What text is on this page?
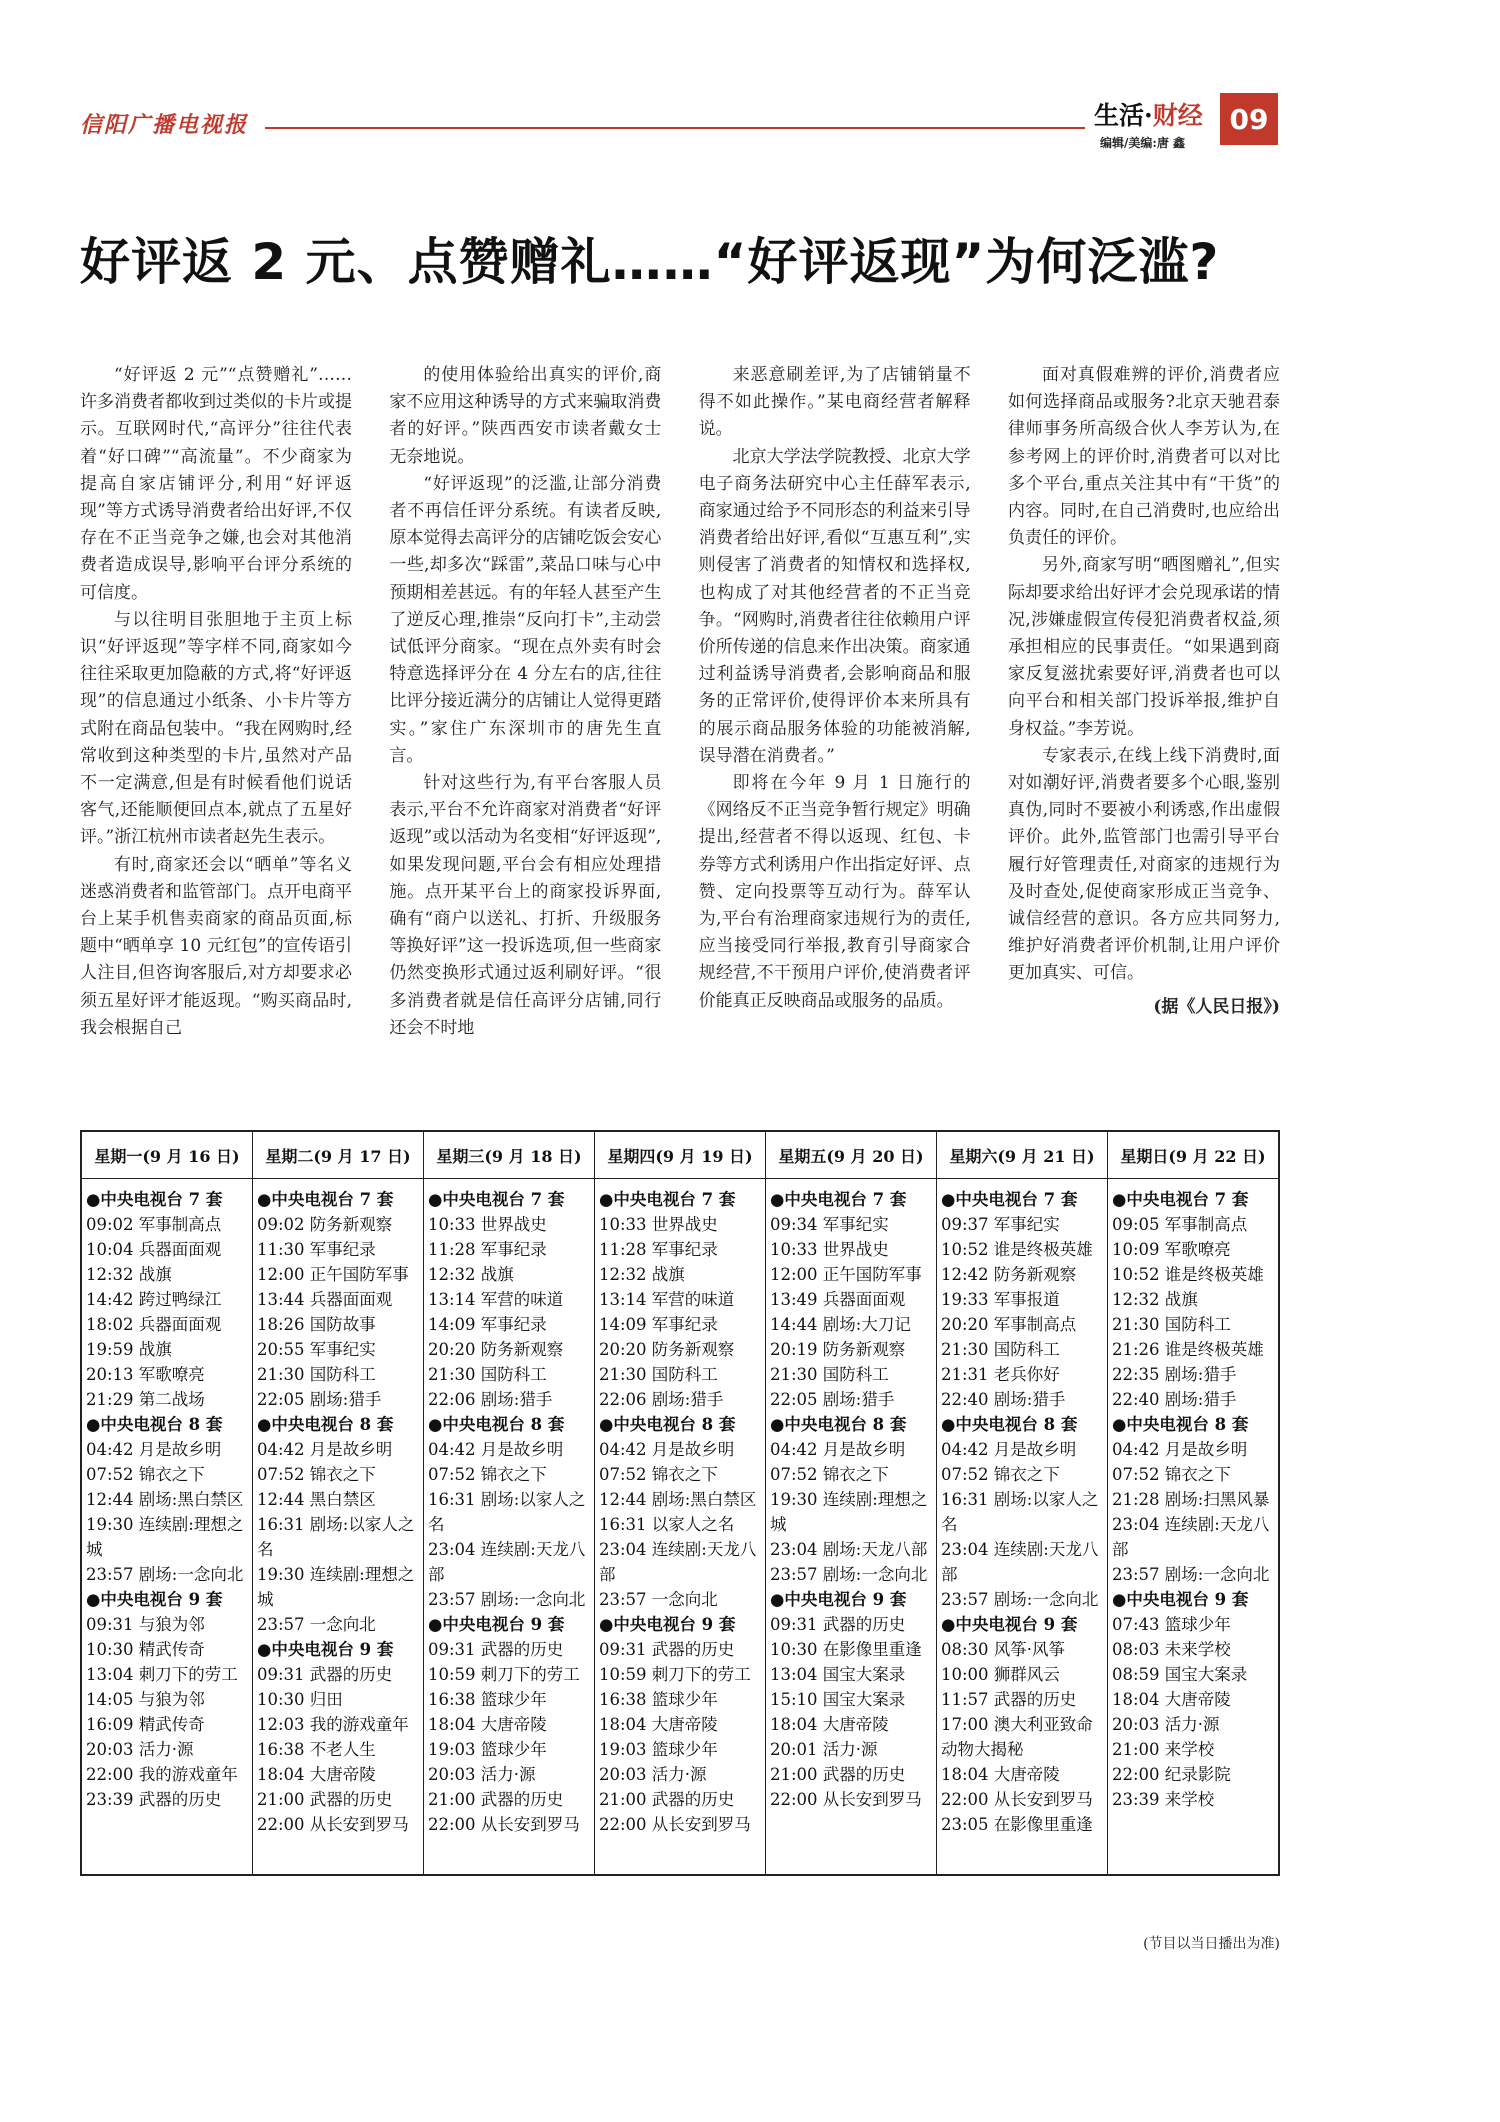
信阳广播电视报	生活·财经
编辑/美编:唐 鑫
09
好评返 2 元、点赞赠礼……“好评返现”为何泛滥?

“好评返 2 元”“点赞赠礼”……许多消费者都收到过类似的卡片或提示。互联网时代,“高评分”往往代表着“好口碑”“高流量”。不少商家为提高自家店铺评分,利用“好评返现”等方式诱导消费者给出好评,不仅存在不正当竞争之嫌,也会对其他消费者造成误导,影响平台评分系统的可信度。

与以往明目张胆地于主页上标识“好评返现”等字样不同,商家如今往往采取更加隐蔽的方式,将“好评返现”的信息通过小纸条、小卡片等方式附在商品包装中。“我在网购时,经常收到这种类型的卡片,虽然对产品不一定满意,但是有时候看他们说话客气,还能顺便回点本,就点了五星好评。”浙江杭州市读者赵先生表示。

有时,商家还会以“晒单”等名义迷惑消费者和监管部门。点开电商平台上某手机售卖商家的商品页面,标题中“晒单享 10 元红包”的宣传语引人注目,但咨询客服后,对方却要求必须五星好评才能返现。“购买商品时,我会根据自己

的使用体验给出真实的评价,商家不应用这种诱导的方式来骗取消费者的好评。”陕西西安市读者戴女士无奈地说。

“好评返现”的泛滥,让部分消费者不再信任评分系统。有读者反映,原本觉得去高评分的店铺吃饭会安心一些,却多次“踩雷”,菜品口味与心中预期相差甚远。有的年轻人甚至产生了逆反心理,推崇“反向打卡”,主动尝试低评分商家。“现在点外卖有时会特意选择评分在 4 分左右的店,往往比评分接近满分的店铺让人觉得更踏实。”家住广东深圳市的唐先生直言。

针对这些行为,有平台客服人员表示,平台不允许商家对消费者“好评返现”或以活动为名变相“好评返现”,如果发现问题,平台会有相应处理措施。点开某平台上的商家投诉界面,确有“商户以送礼、打折、升级服务等换好评”这一投诉选项,但一些商家仍然变换形式通过返利刷好评。“很多消费者就是信任高评分店铺,同行还会不时地

来恶意刷差评,为了店铺销量不得不如此操作。”某电商经营者解释说。

北京大学法学院教授、北京大学电子商务法研究中心主任薛军表示,商家通过给予不同形态的利益来引导消费者给出好评,看似“互惠互利”,实则侵害了消费者的知情权和选择权,也构成了对其他经营者的不正当竞争。“网购时,消费者往往依赖用户评价所传递的信息来作出决策。商家通过利益诱导消费者,会影响商品和服务的正常评价,使得评价本来所具有的展示商品服务体验的功能被消解,误导潜在消费者。”

即将在今年 9 月 1 日施行的《网络反不正当竞争暂行规定》明确提出,经营者不得以返现、红包、卡券等方式利诱用户作出指定好评、点赞、定向投票等互动行为。薛军认为,平台有治理商家违规行为的责任,应当接受同行举报,教育引导商家合规经营,不干预用户评价,使消费者评价能真正反映商品或服务的品质。

面对真假难辨的评价,消费者应如何选择商品或服务?北京天驰君泰律师事务所高级合伙人李芳认为,在参考网上的评价时,消费者可以对比多个平台,重点关注其中有“干货”的内容。同时,在自己消费时,也应给出负责任的评价。

另外,商家写明“晒图赠礼”,但实际却要求给出好评才会兑现承诺的情况,涉嫌虚假宣传侵犯消费者权益,须承担相应的民事责任。“如果遇到商家反复滋扰索要好评,消费者也可以向平台和相关部门投诉举报,维护自身权益。”李芳说。

专家表示,在线上线下消费时,面对如潮好评,消费者要多个心眼,鉴别真伪,同时不要被小利诱惑,作出虚假评价。此外,监管部门也需引导平台履行好管理责任,对商家的违规行为及时查处,促使商家形成正当竞争、诚信经营的意识。各方应共同努力,维护好消费者评价机制,让用户评价更加真实、可信。

(据《人民日报》)

星期一(9 月 16 日)
●中央电视台 7 套
09:02 军事制高点
10:04 兵器面面观
12:32 战旗
14:42 跨过鸭绿江
18:02 兵器面面观
19:59 战旗
20:13 军歌嘹亮
21:29 第二战场
●中央电视台 8 套
04:42 月是故乡明
07:52 锦衣之下
12:44 剧场:黑白禁区
19:30 连续剧:理想之城
23:57 剧场:一念向北
●中央电视台 9 套
09:31 与狼为邻
10:30 精武传奇
13:04 刺刀下的劳工
14:05 与狼为邻
16:09 精武传奇
20:03 活力·源
22:00 我的游戏童年
23:39 武器的历史
星期二(9 月 17 日)
●中央电视台 7 套
09:02 防务新观察
11:30 军事纪录
12:00 正午国防军事
13:44 兵器面面观
18:26 国防故事
20:55 军事纪实
21:30 国防科工
22:05 剧场:猎手
●中央电视台 8 套
04:42 月是故乡明
07:52 锦衣之下
12:44 黑白禁区
16:31 剧场:以家人之名
19:30 连续剧:理想之城
23:57 一念向北
●中央电视台 9 套
09:31 武器的历史
10:30 归田
12:03 我的游戏童年
16:38 不老人生
18:04 大唐帝陵
21:00 武器的历史
22:00 从长安到罗马
星期三(9 月 18 日)
●中央电视台 7 套
10:33 世界战史
11:28 军事纪录
12:32 战旗
13:14 军营的味道
14:09 军事纪录
20:20 防务新观察
21:30 国防科工
22:06 剧场:猎手
●中央电视台 8 套
04:42 月是故乡明
07:52 锦衣之下
16:31 剧场:以家人之名
23:04 连续剧:天龙八部
23:57 剧场:一念向北
●中央电视台 9 套
09:31 武器的历史
10:59 刺刀下的劳工
16:38 篮球少年
18:04 大唐帝陵
19:03 篮球少年
20:03 活力·源
21:00 武器的历史
22:00 从长安到罗马
星期四(9 月 19 日)
●中央电视台 7 套
10:33 世界战史
11:28 军事纪录
12:32 战旗
13:14 军营的味道
14:09 军事纪录
20:20 防务新观察
21:30 国防科工
22:06 剧场:猎手
●中央电视台 8 套
04:42 月是故乡明
07:52 锦衣之下
12:44 剧场:黑白禁区
16:31 以家人之名
23:04 连续剧:天龙八部
23:57 一念向北
●中央电视台 9 套
09:31 武器的历史
10:59 刺刀下的劳工
16:38 篮球少年
18:04 大唐帝陵
19:03 篮球少年
20:03 活力·源
21:00 武器的历史
22:00 从长安到罗马
星期五(9 月 20 日)
●中央电视台 7 套
09:34 军事纪实
10:33 世界战史
12:00 正午国防军事
13:49 兵器面面观
14:44 剧场:大刀记
20:19 防务新观察
21:30 国防科工
22:05 剧场:猎手
●中央电视台 8 套
04:42 月是故乡明
07:52 锦衣之下
19:30 连续剧:理想之城
23:04 剧场:天龙八部
23:57 剧场:一念向北
●中央电视台 9 套
09:31 武器的历史
10:30 在影像里重逢
13:04 国宝大案录
15:10 国宝大案录
18:04 大唐帝陵
20:01 活力·源
21:00 武器的历史
22:00 从长安到罗马
星期六(9 月 21 日)
●中央电视台 7 套
09:37 军事纪实
10:52 谁是终极英雄
12:42 防务新观察
19:33 军事报道
20:20 军事制高点
21:30 国防科工
21:31 老兵你好
22:40 剧场:猎手
●中央电视台 8 套
04:42 月是故乡明
07:52 锦衣之下
16:31 剧场:以家人之名
23:04 连续剧:天龙八部
23:57 剧场:一念向北
●中央电视台 9 套
08:30 风筝·风筝
10:00 狮群风云
11:57 武器的历史
17:00 澳大利亚致命动物大揭秘
18:04 大唐帝陵
22:00 从长安到罗马
23:05 在影像里重逢
星期日(9 月 22 日)
●中央电视台 7 套
09:05 军事制高点
10:09 军歌嘹亮
10:52 谁是终极英雄
12:32 战旗
21:30 国防科工
21:26 谁是终极英雄
22:35 剧场:猎手
22:40 剧场:猎手
●中央电视台 8 套
04:42 月是故乡明
07:52 锦衣之下
21:28 剧场:扫黑风暴
23:04 连续剧:天龙八部
23:57 剧场:一念向北
●中央电视台 9 套
07:43 篮球少年
08:03 未来学校
08:59 国宝大案录
18:04 大唐帝陵
20:03 活力·源
21:00 来学校
22:00 纪录影院
23:39 来学校
(节目以当日播出为准)
